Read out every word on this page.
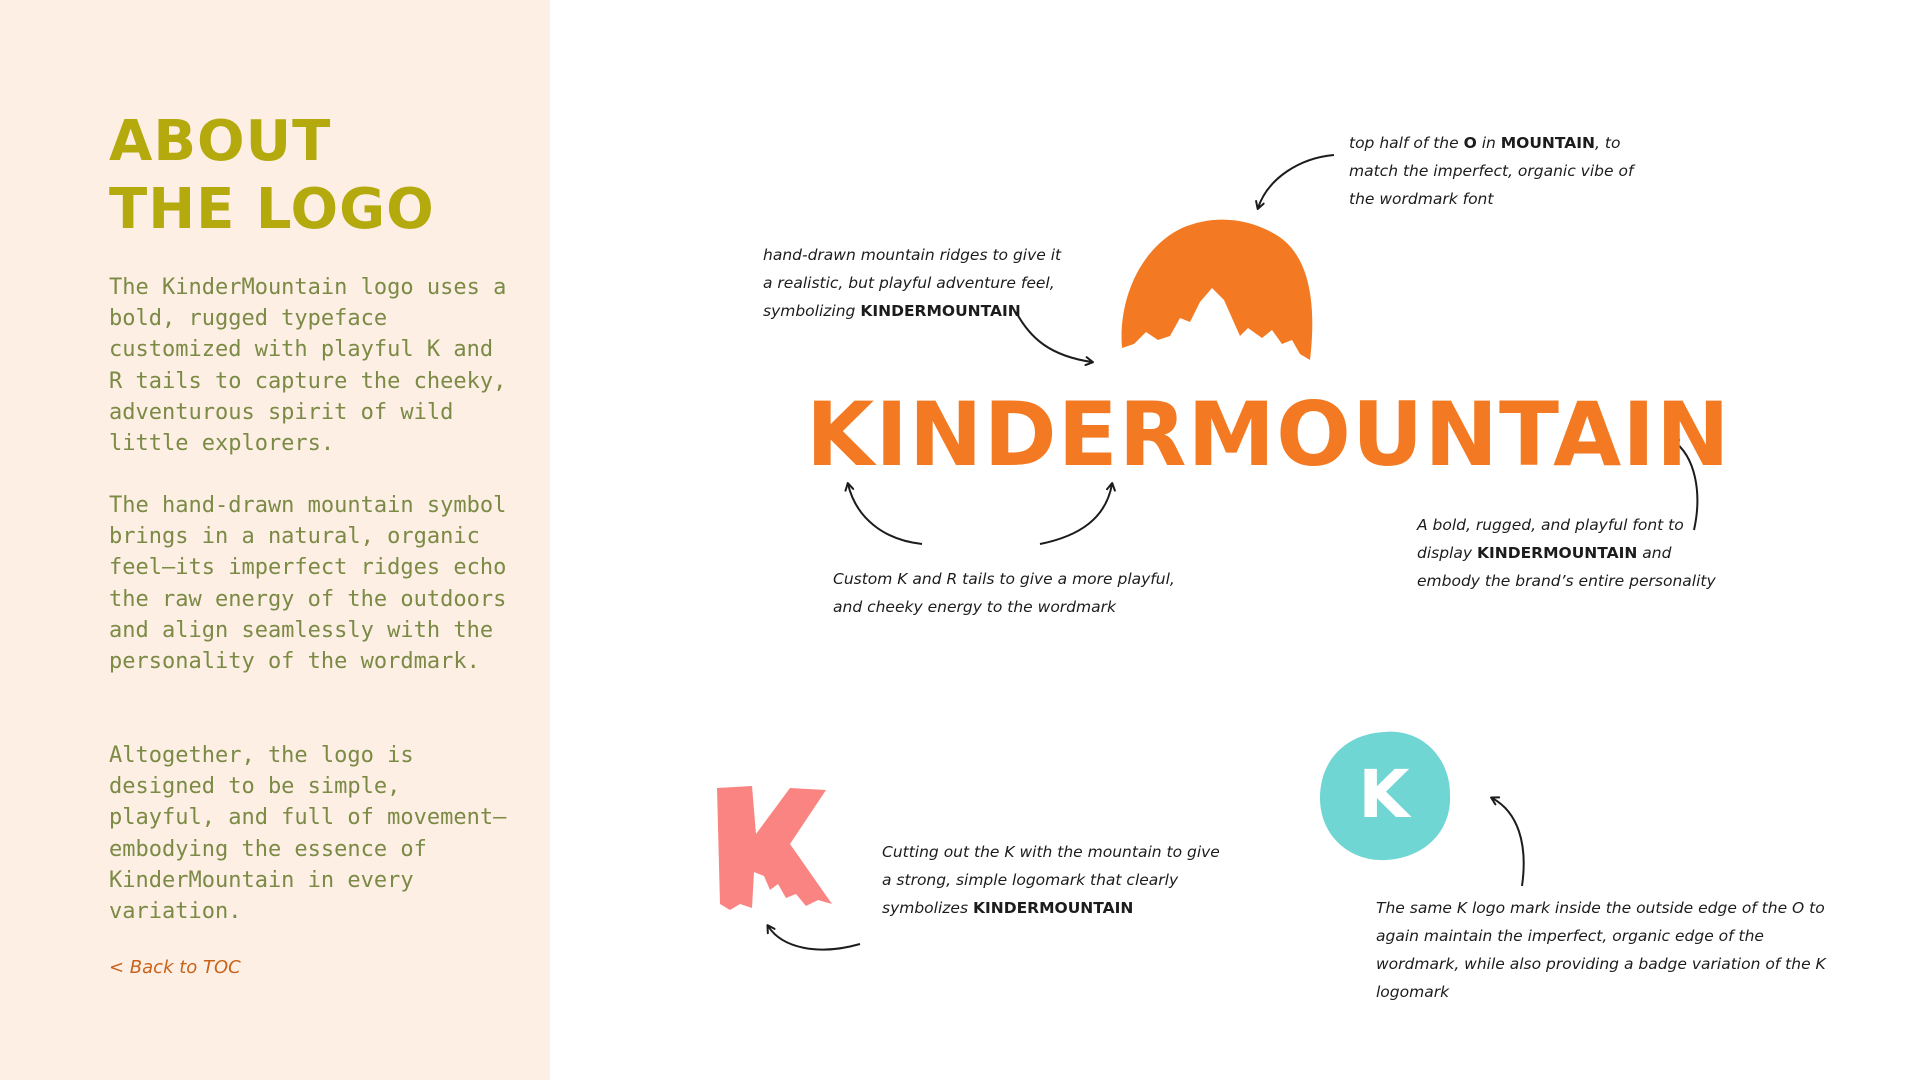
ABOUT
THE LOGO

The KinderMountain logo uses a bold, rugged typeface customized with playful K and R tails to capture the cheeky, adventurous spirit of wild little explorers.

The hand-drawn mountain symbol brings in a natural, organic feel—its imperfect ridges echo the raw energy of the outdoors and align seamlessly with the personality of the wordmark.

Altogether, the logo is designed to be simple, playful, and full of movement—embodying the essence of KinderMountain in every variation.

< Back to TOC
KINDERMOUNTAIN
K

top half of the O in MOUNTAIN, to match the imperfect, organic vibe of the wordmark font

hand-drawn mountain ridges to give it a realistic, but playful adventure feel, symbolizing KINDERMOUNTAIN

Custom K and R tails to give a more playful, and cheeky energy to the wordmark

A bold, rugged, and playful font to display KINDERMOUNTAIN and embody the brand’s entire personality

Cutting out the K with the mountain to give a strong, simple logomark that clearly symbolizes KINDERMOUNTAIN	The same K logo mark inside the outside edge of the O to again maintain the imperfect, organic edge of the wordmark, while also providing a badge variation of the K logomark
